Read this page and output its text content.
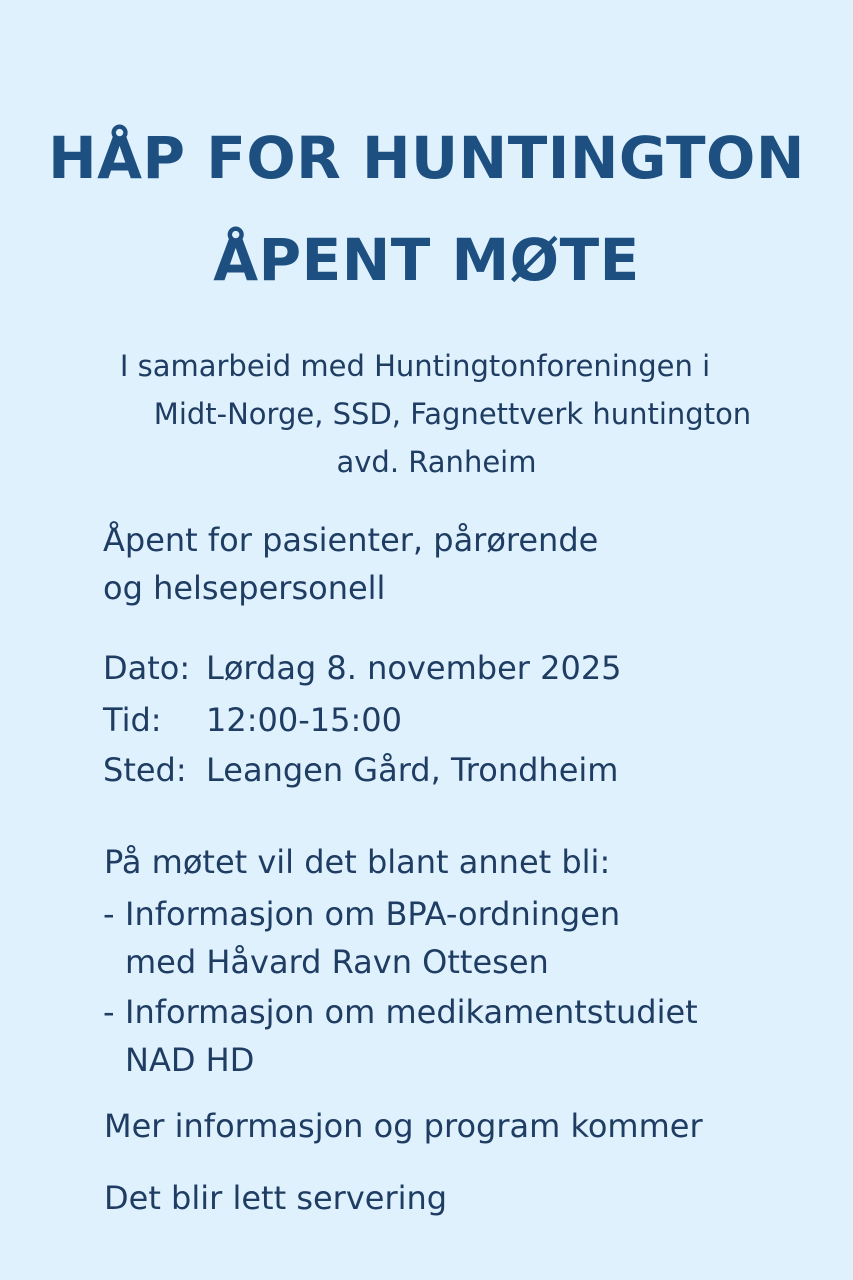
HÅP FOR HUNTINGTON
ÅPENT MØTE
I samarbeid med Huntingtonforeningen i
Midt-Norge, SSD, Fagnettverk huntington
avd. Ranheim
Åpent for pasienter, pårørende
og helsepersonell
Dato: Lørdag 8. november 2025
Tid: 12:00-15:00
Sted: Leangen Gård, Trondheim
På møtet vil det blant annet bli:
- Informasjon om BPA-ordningen
med Håvard Ravn Ottesen
- Informasjon om medikamentstudiet
NAD HD
Mer informasjon og program kommer
Det blir lett servering
